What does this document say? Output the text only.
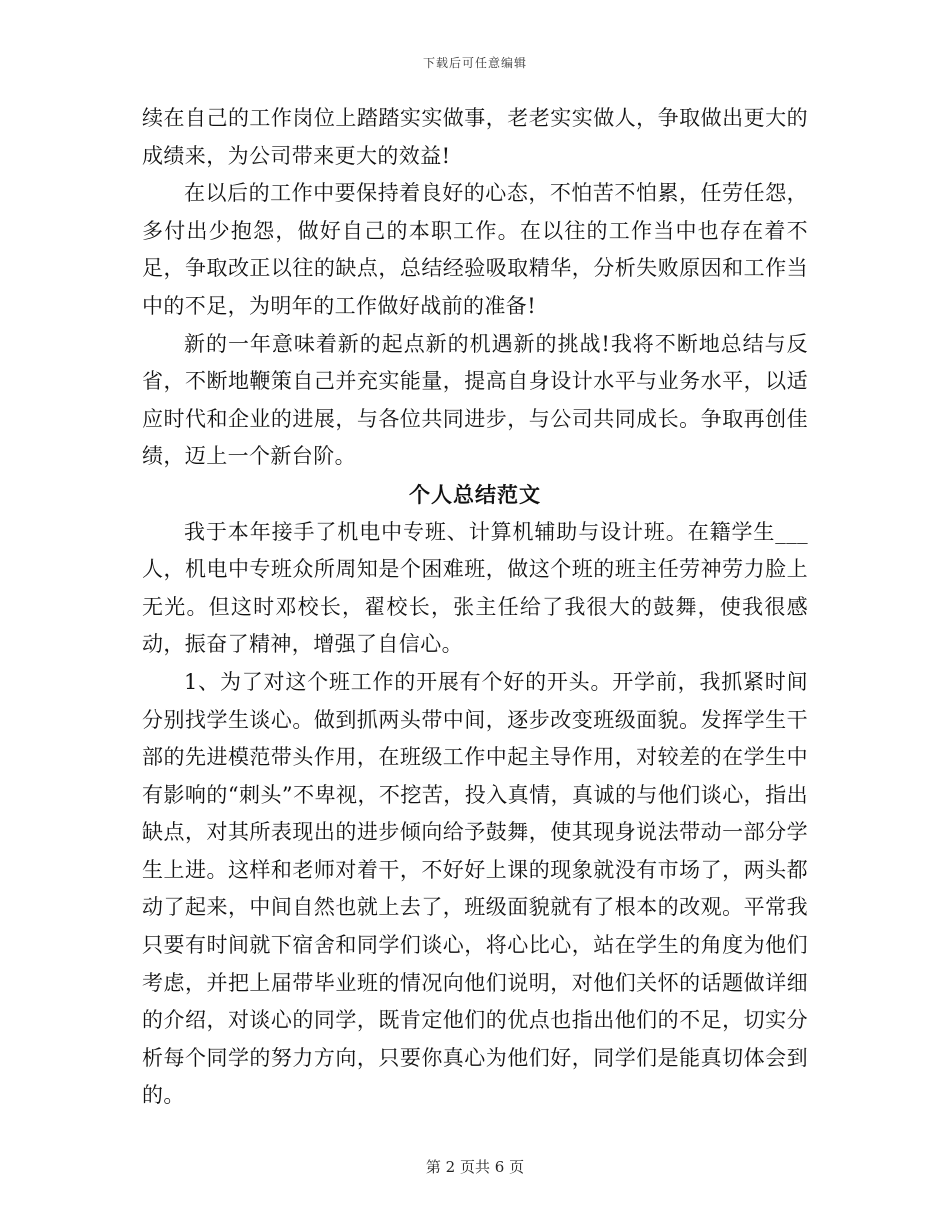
下载后可任意编辑

续在自己的工作岗位上踏踏实实做事，老老实实做人，争取做出更大的成绩来，为公司带来更大的效益!

在以后的工作中要保持着良好的心态，不怕苦不怕累，任劳任怨，多付出少抱怨，做好自己的本职工作。在以往的工作当中也存在着不足，争取改正以往的缺点，总结经验吸取精华，分析失败原因和工作当中的不足，为明年的工作做好战前的准备!

新的一年意味着新的起点新的机遇新的挑战!我将不断地总结与反省，不断地鞭策自己并充实能量，提高自身设计水平与业务水平，以适应时代和企业的进展，与各位共同进步，与公司共同成长。争取再创佳绩，迈上一个新台阶。

个人总结范文

我于本年接手了机电中专班、计算机辅助与设计班。在籍学生___人，机电中专班众所周知是个困难班，做这个班的班主任劳神劳力脸上无光。但这时邓校长，翟校长，张主任给了我很大的鼓舞，使我很感动，振奋了精神，增强了自信心。

1、为了对这个班工作的开展有个好的开头。开学前，我抓紧时间分别找学生谈心。做到抓两头带中间，逐步改变班级面貌。发挥学生干部的先进模范带头作用，在班级工作中起主导作用，对较差的在学生中有影响的“刺头”不卑视，不挖苦，投入真情，真诚的与他们谈心，指出缺点，对其所表现出的进步倾向给予鼓舞，使其现身说法带动一部分学生上进。这样和老师对着干，不好好上课的现象就没有市场了，两头都动了起来，中间自然也就上去了，班级面貌就有了根本的改观。平常我只要有时间就下宿舍和同学们谈心，将心比心，站在学生的角度为他们考虑，并把上届带毕业班的情况向他们说明，对他们关怀的话题做详细的介绍，对谈心的同学，既肯定他们的优点也指出他们的不足，切实分析每个同学的努力方向，只要你真心为他们好，同学们是能真切体会到的。

第 2 页共 6 页
